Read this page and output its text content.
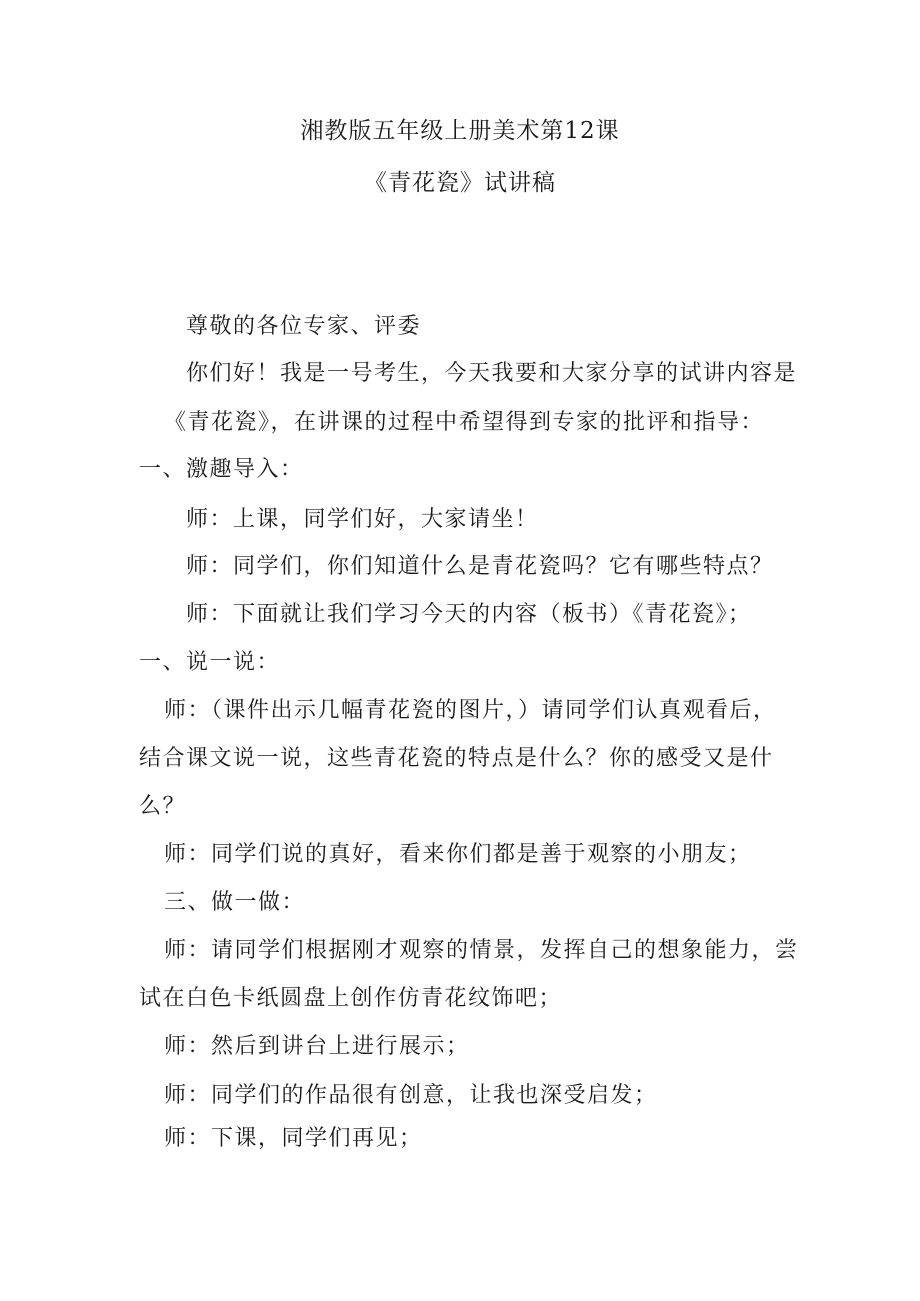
湘教版五年级上册美术第12课
《青花瓷》试讲稿
尊敬的各位专家、评委
你们好！我是一号考生，今天我要和大家分享的试讲内容是
《青花瓷》，在讲课的过程中希望得到专家的批评和指导：
一、激趣导入：
师：上课，同学们好，大家请坐！
师：同学们，你们知道什么是青花瓷吗？它有哪些特点？
师：下面就让我们学习今天的内容（板书）《青花瓷》；
一、说一说：
师：（课件出示几幅青花瓷的图片，）请同学们认真观看后，
结合课文说一说，这些青花瓷的特点是什么？你的感受又是什
么？
师：同学们说的真好，看来你们都是善于观察的小朋友；
三、做一做：
师：请同学们根据刚才观察的情景，发挥自己的想象能力，尝
试在白色卡纸圆盘上创作仿青花纹饰吧；
师：然后到讲台上进行展示；
师：同学们的作品很有创意，让我也深受启发；
师：下课，同学们再见；
